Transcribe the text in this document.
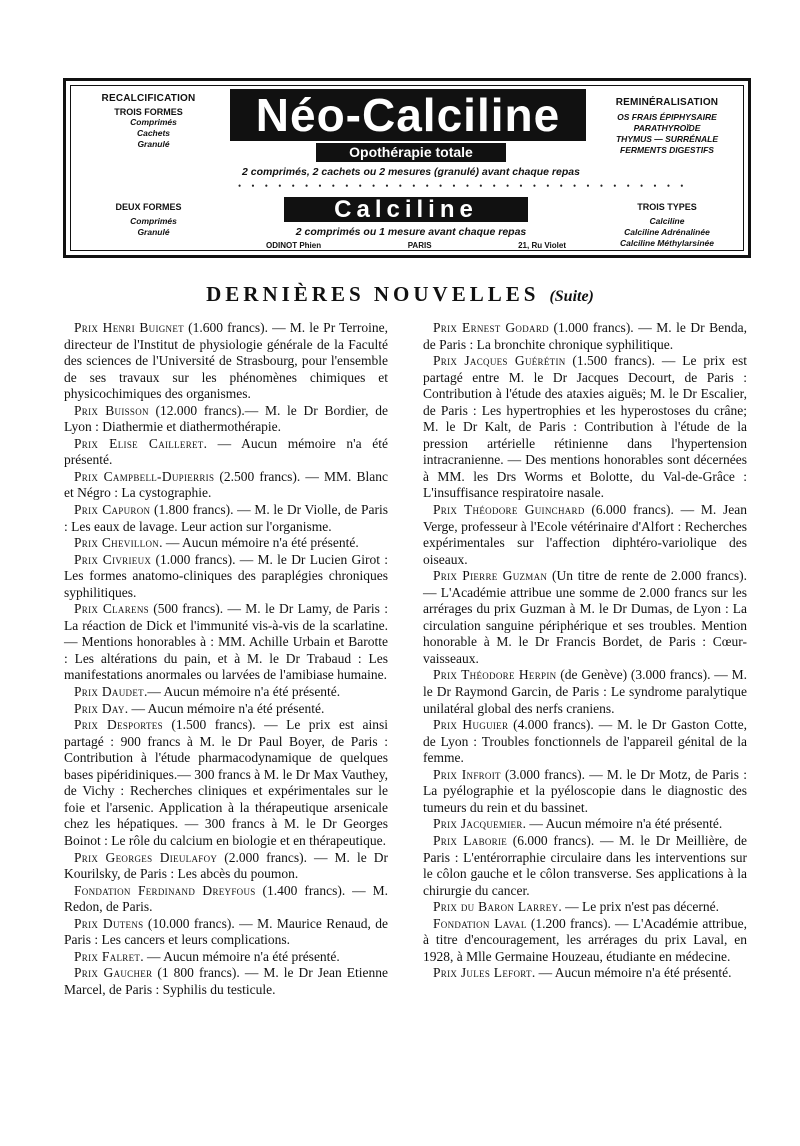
RECALCIFICATION
TROIS FORMES
Comprimés
Cachets
Granulé
Néo-Calciline
Opothérapie totale
2 comprimés, 2 cachets ou 2 mesures (granulé) avant chaque repas
• • • • • • • • • • • • • • • • • • • • • • • • • • • • • • • • • •
REMINÉRALISATION
OS FRAIS ÉPIPHYSAIRE
PARATHYROÏDE
THYMUS — SURRÉNALE
FERMENTS DIGESTIFS
DEUX FORMES
Comprimés
Granulé
Calciline
2 comprimés ou 1 mesure avant chaque repas
ODINOT Phien	PARIS	21, Ru Violet
TROIS TYPES
Calciline
Calciline Adrénalinée
Calciline Méthylarsinée
DERNIÈRES NOUVELLES (Suite)

Prix Henri Buignet (1.600 francs). — M. le Pr Terroine, directeur de l'Institut de physiologie générale de la Faculté des sciences de l'Université de Strasbourg, pour l'ensemble de ses travaux sur les phénomènes chimiques et physicochimiques des organismes.

Prix Buisson (12.000 francs).— M. le Dr Bordier, de Lyon : Diathermie et diathermothérapie.

Prix Elise Cailleret. — Aucun mémoire n'a été présenté.

Prix Campbell-Dupierris (2.500 francs). — MM. Blanc et Négro : La cystographie.

Prix Capuron (1.800 francs). — M. le Dr Violle, de Paris : Les eaux de lavage. Leur action sur l'organisme.

Prix Chevillon. — Aucun mémoire n'a été présenté.

Prix Civrieux (1.000 francs). — M. le Dr Lucien Girot : Les formes anatomo-cliniques des paraplégies chroniques syphilitiques.

Prix Clarens (500 francs). — M. le Dr Lamy, de Paris : La réaction de Dick et l'immunité vis-à-vis de la scarlatine. — Mentions honorables à : MM. Achille Urbain et Barotte : Les altérations du pain, et à M. le Dr Trabaud : Les manifestations anormales ou larvées de l'amibiase humaine.

Prix Daudet.— Aucun mémoire n'a été présenté.

Prix Day. — Aucun mémoire n'a été présenté.

Prix Desportes (1.500 francs). — Le prix est ainsi partagé : 900 francs à M. le Dr Paul Boyer, de Paris : Contribution à l'étude pharmacodynamique de quelques bases pipéridiniques.— 300 francs à M. le Dr Max Vauthey, de Vichy : Recherches cliniques et expérimentales sur le foie et l'arsenic. Application à la thérapeutique arsenicale chez les hépatiques. — 300 francs à M. le Dr Georges Boinot : Le rôle du calcium en biologie et en thérapeutique.

Prix Georges Dieulafoy (2.000 francs). — M. le Dr Kourilsky, de Paris : Les abcès du poumon.

Fondation Ferdinand Dreyfous (1.400 francs). — M. Redon, de Paris.

Prix Dutens (10.000 francs). — M. Maurice Renaud, de Paris : Les cancers et leurs complications.

Prix Falret. — Aucun mémoire n'a été présenté.

Prix Gaucher (1 800 francs). — M. le Dr Jean Etienne Marcel, de Paris : Syphilis du testicule.

Prix Ernest Godard (1.000 francs). — M. le Dr Benda, de Paris : La bronchite chronique syphilitique.

Prix Jacques Guérétin (1.500 francs). — Le prix est partagé entre M. le Dr Jacques Decourt, de Paris : Contribution à l'étude des ataxies aiguës; M. le Dr Escalier, de Paris : Les hypertrophies et les hyperostoses du crâne; M. le Dr Kalt, de Paris : Contribution à l'étude de la pression artérielle rétinienne dans l'hypertension intracranienne. — Des mentions honorables sont décernées à MM. les Drs Worms et Bolotte, du Val-de-Grâce : L'insuffisance respiratoire nasale.

Prix Théodore Guinchard (6.000 francs). — M. Jean Verge, professeur à l'Ecole vétérinaire d'Alfort : Recherches expérimentales sur l'affection diphtéro-variolique des oiseaux.

Prix Pierre Guzman (Un titre de rente de 2.000 francs).— L'Académie attribue une somme de 2.000 francs sur les arrérages du prix Guzman à M. le Dr Dumas, de Lyon : La circulation sanguine périphérique et ses troubles. Mention honorable à M. le Dr Francis Bordet, de Paris : Cœur-vaisseaux.

Prix Théodore Herpin (de Genève) (3.000 francs). — M. le Dr Raymond Garcin, de Paris : Le syndrome paralytique unilatéral global des nerfs craniens.

Prix Huguier (4.000 francs). — M. le Dr Gaston Cotte, de Lyon : Troubles fonctionnels de l'appareil génital de la femme.

Prix Infroit (3.000 francs). — M. le Dr Motz, de Paris : La pyélographie et la pyéloscopie dans le diagnostic des tumeurs du rein et du bassinet.

Prix Jacquemier. — Aucun mémoire n'a été présenté.

Prix Laborie (6.000 francs). — M. le Dr Meillière, de Paris : L'entérorraphie circulaire dans les interventions sur le côlon gauche et le côlon transverse. Ses applications à la chirurgie du cancer.

Prix du Baron Larrey. — Le prix n'est pas décerné.

Fondation Laval (1.200 francs). — L'Académie attribue, à titre d'encouragement, les arrérages du prix Laval, en 1928, à Mlle Germaine Houzeau, étudiante en médecine.

Prix Jules Lefort. — Aucun mémoire n'a été présenté.
